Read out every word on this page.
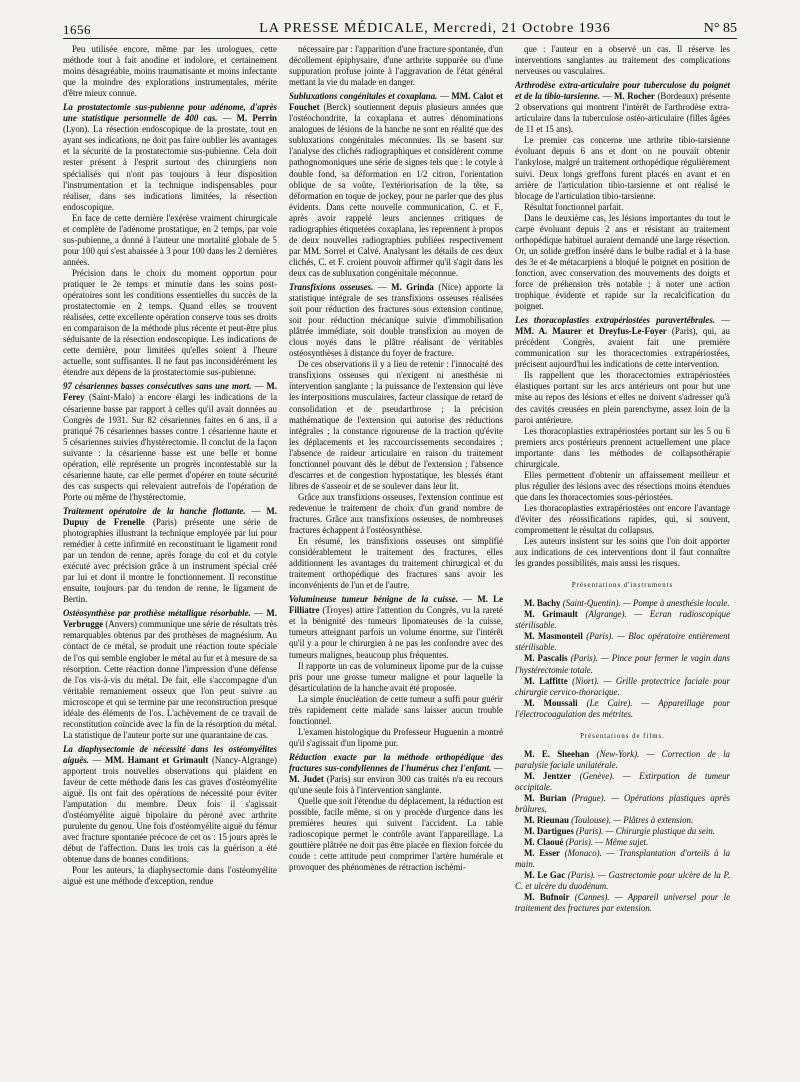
1656	LA PRESSE MÉDICALE, Mercredi, 21 Octobre 1936	N° 85

Peu utilisée encore, même par les urologues, cette méthode tout à fait anodine et indolore, et certainement moins désagréable, moins traumatisante et moins infectante que la moindre des explorations instrumentales, mérite d'être mieux connue.

La prostatectomie sus-pubienne pour adénome, d'après une statistique personnelle de 400 cas. — M. Perrin (Lyon). La résection endoscopique de la prostate, tout en ayant ses indications, ne doit pas faire oublier les avantages et la sécurité de la prostatectomie sus-pubienne. Cela doit rester présent à l'esprit surtout des chirurgiens non spécialisés qui n'ont pas toujours à leur disposition l'instrumentation et la technique indispensables pour réaliser, dans ses indications limitées, la résection endoscopique.

En face de cette dernière l'exérèse vraiment chirurgicale et complète de l'adénome prostatique, en 2 temps, par voie sus-pubienne, a donné à l'auteur une mortalité globale de 5 pour 100 qui s'est abaissée à 3 pour 100 dans les 2 dernières années.

Précision dans le choix du moment opportun pour pratiquer le 2e temps et minutie dans les soins post-opératoires sont les conditions essentielles du succès de la prostatectomie en 2 temps. Quand elles se trouvent réalisées, cette excellente opération conserve tous ses droits en comparaison de la méthode plus récente et peut-être plus séduisante de la résection endoscopique. Les indications de cette dernière, pour limitées qu'elles soient à l'heure actuelle, sont suffisantes. Il ne faut pas inconsidérément les étendre aux dépens de la prostatectomie sus-pubienne.

97 césariennes basses consécutives sans une mort. — M. Ferey (Saint-Malo) a encore élargi les indications de la césarienne basse par rapport à celles qu'il avait données au Congrès de 1931. Sur 82 césariennes faites en 6 ans, il a pratiqué 76 césariennes basses contre 1 césarienne haute et 5 césariennes suivies d'hystérectomie. Il conclut de la façon suivante : la césarienne basse est une belle et bonne opération, elle représente un progrès incontestable sur la césarienne haute, car elle permet d'opérer en toute sécurité des cas suspects qui relevaient autrefois de l'opération de Porte ou même de l'hystérectomie.

Traitement opératoire de la hanche flottante. — M. Dupuy de Frenelle (Paris) présente une série de photographies illustrant la technique employée par lui pour remédier à cette infirmité en reconstituant le ligament rond par un tendon de renne, après forage du col et du cotyle exécuté avec précision grâce à un instrument spécial créé par lui et dont il montre le fonctionnement. Il reconstitue ensuite, toujours par du tendon de renne, le ligament de Bertin.

Ostéosynthèse par prothèse métallique résorbable. — M. Verbrugge (Anvers) communique une série de résultats très remarquables obtenus par des prothèses de magnésium. Au contact de ce métal, se produit une réaction toute spéciale de l'os qui semble englober le métal au fur et à mesure de sa résorption. Cette réaction donne l'impression d'une défense de l'os vis-à-vis du métal. De fait, elle s'accompagne d'un véritable remaniement osseux que l'on peut suivre au microscope et qui se termine par une reconstruction presque idéale des éléments de l'os. L'achèvement de ce travail de reconstitution coïncide avec la fin de la résorption du métal. La statistique de l'auteur porte sur une quarantaine de cas.

La diaphysectomie de nécessité dans les ostéomyélites aiguës. — MM. Hamant et Grimault (Nancy-Algrange) apportent trois nouvelles observations qui plaident en faveur de cette méthode dans les cas graves d'ostéomyélite aiguë. Ils ont fait des opérations de nécessité pour éviter l'amputation du membre. Deux fois il s'agissait d'ostéomyélite aiguë bipolaire du péroné avec arthrite purulente du genou. Une fois d'ostéomyélite aiguë du fémur avec fracture spontanée précoce de cet os : 15 jours après le début de l'affection. Dans les trois cas la guérison a été obtenue dans de bonnes conditions.

Pour les auteurs, la diaphysectomie dans l'ostéomyélite aiguë est une méthode d'exception, rendue

nécessaire par : l'apparition d'une fracture spontanée, d'un décollement épiphysaire, d'une arthrite suppurée ou d'une suppuration profuse jointe à l'aggravation de l'état général mettant la vie du malade en danger.

Subluxations congénitales et coxaplana. — MM. Calot et Fouchet (Berck) soutiennent depuis plusieurs années que l'ostéochondrite, la coxaplana et autres dénominations analogues de lésions de la hanche ne sont en réalité que des subluxations congénitales méconnues. Ils se basent sur l'analyse des clichés radiographiques et considèrent comme pathognomoniques une série de signes tels que : le cotyle à double fond, sa déformation en 1/2 citron, l'orientation oblique de sa voûte, l'extériorisation de la tête, sa déformation en toque de jockey, pour ne parler que des plus évidents. Dans cette nouvelle communication, C. et F., après avoir rappelé leurs anciennes critiques de radiographies étiquetées coxaplana, les reprennent à propos de deux nouvelles radiographies publiées respectivement par MM. Sorrel et Calvé. Analysant les détails de ces deux clichés, C. et F. croient pouvoir affirmer qu'il s'agit dans les deux cas de subluxation congénitale méconnue.

Transfixions osseuses. — M. Grinda (Nice) apporte la statistique intégrale de ses transfixions osseuses réalisées soit pour réduction des fractures sous extension continue, soit pour réduction mécanique suivie d'immobilisation plâtrée immédiate, soit double transfixion au moyen de clous noyés dans le plâtre réalisant de véritables ostéosynthèses à distance du foyer de fracture.

De ces observations il y a lieu de retenir : l'innocuité des transfixions osseuses qui n'exigent ni anesthésie ni intervention sanglante ; la puissance de l'extension qui lève les interpositions musculaires, facteur classique de retard de consolidation et de pseudarthrose ; la précision mathématique de l'extension qui autorise des réductions intégrales ; la constance rigoureuse de la traction qu'évite les déplacements et les raccourcissements secondaires ; l'absence de raideur articulaire en raison du traitement fonctionnel pouvant dès le début de l'extension ; l'absence d'escarres et de congestion hypostatique, les blessés étant libres de s'asseoir et de se soulever dans leur lit.

Grâce aux transfixions osseuses, l'extension continue est redevenue le traitement de choix d'un grand nombre de fractures. Grâce aux transfixions osseuses, de nombreuses fractures échappent à l'ostéosynthèse.

En résumé, les transfixions osseuses ont simplifié considérablement le traitement des fractures, elles additionnent les avantages du traitement chirurgical et du traitement orthopédique des fractures sans avoir les inconvénients de l'un et de l'autre.

Volumineuse tumeur bénigne de la cuisse. — M. Le Filliatre (Troyes) attire l'attention du Congrès, vu la rareté et la bénignité des tumeurs lipomateuses de la cuisse, tumeurs atteignant parfois un volume énorme, sur l'intérêt qu'il y a pour le chirurgien à ne pas les confondre avec des tumeurs malignes, beaucoup plus fréquentes.

Il rapporte un cas de volumineux lipome pur de la cuisse pris pour une grosse tumeur maligne et pour laquelle la désarticulation de la hanche avait été proposée.

La simple énucléation de cette tumeur a suffi pour guérir très rapidement cette malade sans laisser aucun trouble fonctionnel.

L'examen histologique du Professeur Huguenin a montré qu'il s'agissait d'un lipome pur.

Réduction exacte par la méthode orthopédique des fractures sus-condyliennes de l'humérus chez l'enfant. — M. Judet (Paris) sur environ 300 cas traités n'a eu recours qu'une seule fois à l'intervention sanglante.

Quelle que soit l'étendue du déplacement, la réduction est possible, facile même, si on y procède d'urgence dans les premières heures qui suivent l'accident. La table radioscopique permet le contrôle avant l'appareillage. La gouttière plâtrée ne doit pas être placée en flexion forcée du coude : cette attitude peut comprimer l'artère humérale et provoquer des phénomènes de rétraction ischémi-

que : l'auteur en a observé un cas. Il réserve les interventions sanglantes au traitement des complications nerveuses ou vasculaires.

Arthrodèse extra-articulaire pour tuberculose du poignet et de la tibio-tarsienne. — M. Rocher (Bordeaux) présente 2 observations qui montrent l'intérêt de l'arthrodèse extra-articulaire dans la tuberculose ostéo-articulaire (filles âgées de 11 et 15 ans).

Le premier cas concerne une arthrite tibio-tarsienne évoluant depuis 6 ans et dont on ne pouvait obtenir l'ankylose, malgré un traitement orthopédique régulièrement suivi. Deux longs greffons furent placés en avant et en arrière de l'articulation tibio-tarsienne et ont réalisé le blocage de l'articulation tibio-tarsienne.

Résultat fonctionnel parfait.

Dans le deuxième cas, les lésions importantes du tout le carpe évoluant depuis 2 ans et résistant au traitement orthopédique habituel auraient demandé une large résection. Or, un solide greffon inséré dans le bulbe radial et à la base des 3e et 4e métacarpiens a bloqué le poignet en position de fonction, avec conservation des mouvements des doigts et force de préhension très notable ; à noter une action trophique évidente et rapide sur la recalcification du poignet.

Les thoracoplasties extrapériostées paravertébrales. — MM. A. Maurer et Dreyfus-Le-Foyer (Paris), qui, au précédent Congrès, avaient fait une première communication sur les thoracectomies extrapériostées, précisent aujourd'hui les indications de cette intervention.

Ils rappellent que les thoracectomies extrapériostées élastiques portant sur les arcs antérieurs ont pour but une mise au repos des lésions et elles ne doivent s'adresser qu'à des cavités creusées en plein parenchyme, assez loin de la paroi antérieure.

Les thoracoplasties extrapériostées portant sur les 5 ou 6 premiers arcs postérieurs prennent actuellement une place importante dans les méthodes de collapsothérapie chirurgicale.

Elles permettent d'obtenir un affaissement meilleur et plus régulier des lésions avec des résections moins étendues que dans les thoracectomies sous-périostées.

Les thoracoplasties extrapériostées ont encore l'avantage d'éviter des réossifications rapides, qui, si souvent, compromettent le résultat du collapsus.

Les auteurs insistent sur les soins que l'on doit apporter aux indications de ces interventions dont il faut connaître les grandes possibilités, mais aussi les risques.

Présentations d'instruments

M. Bachy (Saint-Quentin). — Pompe à anesthésie locale.

M. Grimault (Algrange). — Ecran radioscopique stérilisable.

M. Masmonteil (Paris). — Bloc opératoire entièrement stérilisable.

M. Pascalis (Paris). — Pince pour fermer le vagin dans l'hystérectomie totale.

M. Laffitte (Niort). — Grille protectrice faciale pour chirurgie cervico-thoracique.

M. Moussali (Le Caire). — Appareillage pour l'électrocoagulation des métrites.

Présentations de films.

M. E. Sheehan (New-York). — Correction de la paralysie faciale unilatérale.

M. Jentzer (Genève). — Extirpation de tumeur occipitale.

M. Burian (Prague). — Opérations plastiques après brûlures.

M. Rieunau (Toulouse). — Plâtres à extension.

M. Dartigues (Paris). — Chirurgie plastique du sein.

M. Claoué (Paris). — Même sujet.

M. Esser (Monaco). — Transplantation d'orteils à la main.

M. Le Gac (Paris). — Gastrectomie pour ulcère de la P. C. et ulcère du duodénum.

M. Bufnoir (Cannes). — Appareil universel pour le traitement des fractures par extension.
